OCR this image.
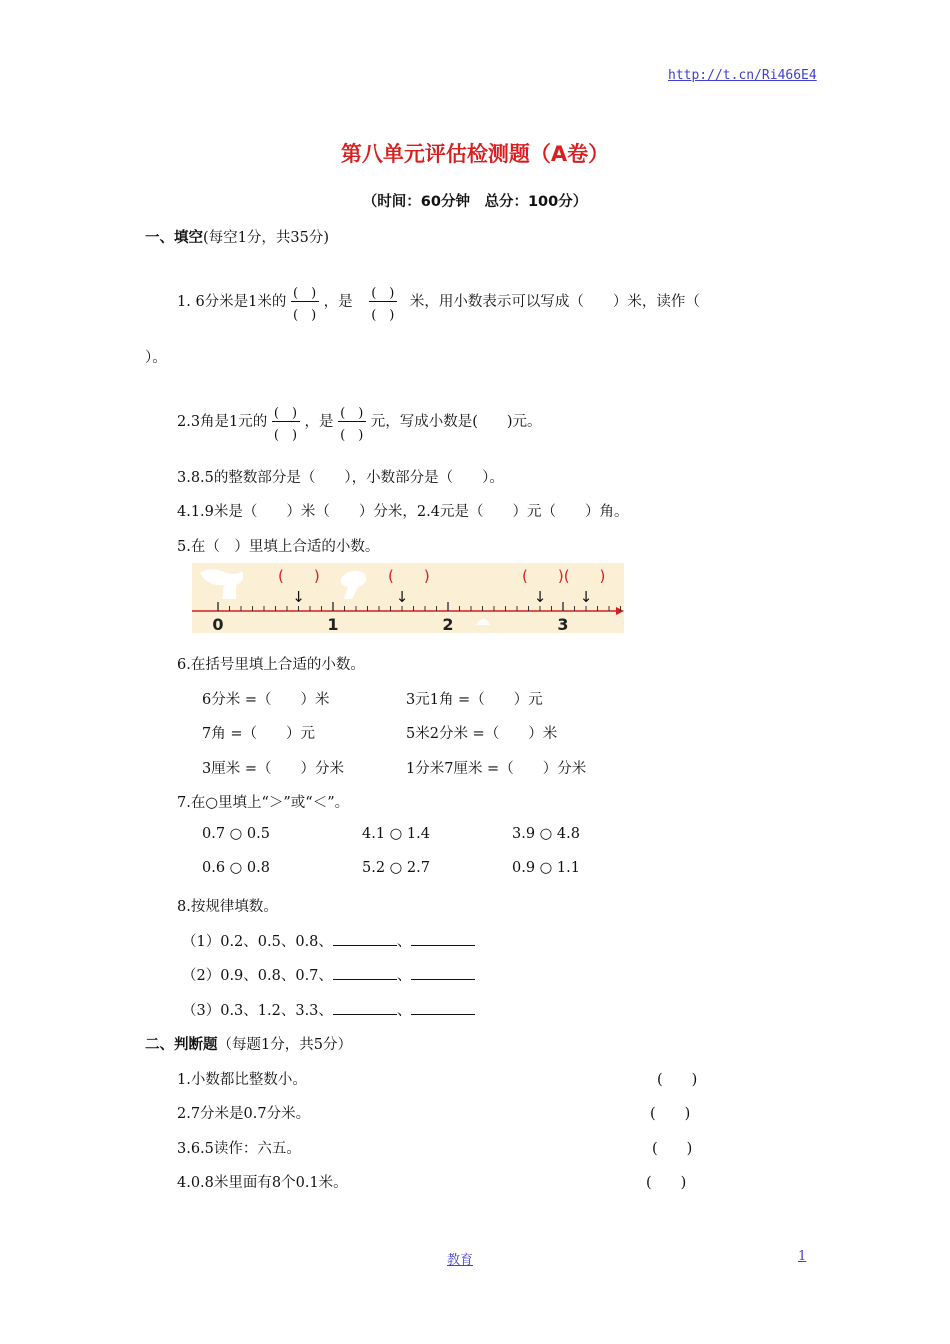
http://t.cn/Ri466E4
第八单元评估检测题（A卷）
（时间：60分钟　总分：100分）
一、填空(每空1分，共35分)
1. 6分米是1米的 $\frac{( )}{( )}$ ，是 $\frac{( )}{( )}$ 米，用小数表示可以写成（　　）米，读作（
）。
2.3角是1元的 $\frac{( )}{( )}$ ，是 $\frac{( )}{( )}$ 元，写成小数是(　　)元。
3.8.5的整数部分是（　　），小数部分是（　　）。
4.1.9米是（　　）米（　　）分米，2.4元是（　　）元（　　）角。
5.在（　）里填上合适的小数。
(　　)	(　　)	(　　)(　　)
↓	↓	↓ ↓
0	1	2	3
6.在括号里填上合适的小数。
7.在○里填上“＞”或“＜”。
8.按规律填数。
二、判断题（每题1分，共5分）
教育	1
6分米 =（　　）米	3元1角 =（　　）元
7角 =（　　）元	5米2分米 =（　　）米
3厘米 =（　　）分米	1分米7厘米 =（　　）分米
0.7 ○ 0.5	4.1 ○ 1.4	3.9 ○ 4.8
0.6 ○ 0.8	5.2 ○ 2.7	0.9 ○ 1.1
（1）0.2、0.5、0.8、	、
（2）0.9、0.8、0.7、	、
（3）0.3、1.2、3.3、	、
1.小数都比整数小。	(　　)
2.7分米是0.7分米。	(　　)
3.6.5读作：六五。	(　　)
4.0.8米里面有8个0.1米。	(　　)
